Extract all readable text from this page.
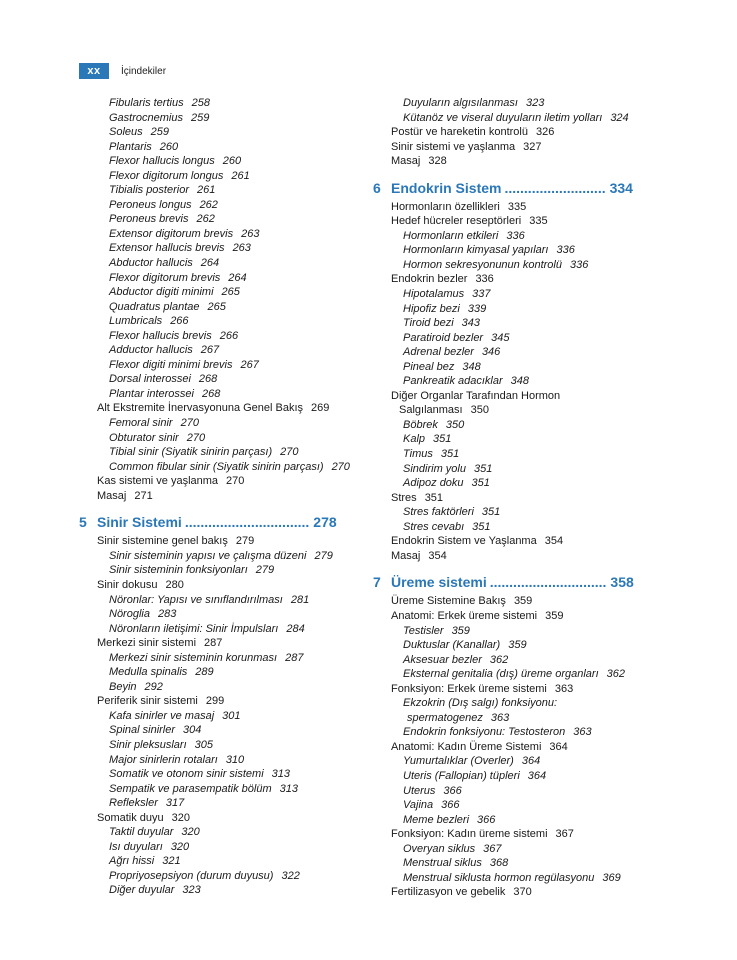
xx	İçindekiler
Fibularis tertius 258
Gastrocnemius 259
Soleus 259
Plantaris 260
Flexor hallucis longus 260
Flexor digitorum longus 261
Tibialis posterior 261
Peroneus longus 262
Peroneus brevis 262
Extensor digitorum brevis 263
Extensor hallucis brevis 263
Abductor hallucis 264
Flexor digitorum brevis 264
Abductor digiti minimi 265
Quadratus plantae 265
Lumbricals 266
Flexor hallucis brevis 266
Adductor hallucis 267
Flexor digiti minimi brevis 267
Dorsal interossei 268
Plantar interossei 268
Alt Ekstremite İnervasyonuna Genel Bakış 269
Femoral sinir 270
Obturator sinir 270
Tibial sinir (Siyatik sinirin parçası) 270
Common fibular sinir (Siyatik sinirin parçası) 270
Kas sistemi ve yaşlanma 270
Masaj 271
5 Sinir Sistemi ................................ 278
Sinir sistemine genel bakış 279
Sinir sisteminin yapısı ve çalışma düzeni 279
Sinir sisteminin fonksiyonları 279
Sinir dokusu 280
Nöronlar: Yapısı ve sınıflandırılması 281
Nöroglia 283
Nöronların iletişimi: Sinir İmpulsları 284
Merkezi sinir sistemi 287
Merkezi sinir sisteminin korunması 287
Medulla spinalis 289
Beyin 292
Periferik sinir sistemi 299
Kafa sinirler ve masaj 301
Spinal sinirler 304
Sinir pleksusları 305
Major sinirlerin rotaları 310
Somatik ve otonom sinir sistemi 313
Sempatik ve parasempatik bölüm 313
Refleksler 317
Somatik duyu 320
Taktil duyular 320
Isı duyuları 320
Ağrı hissi 321
Propriyosepsiyon (durum duyusu) 322
Diğer duyular 323
Duyuların algısılanması 323
Kütanöz ve viseral duyuların iletim yolları 324
Postür ve hareketin kontrolü 326
Sinir sistemi ve yaşlanma 327
Masaj 328
6 Endokrin Sistem .......................... 334
Hormonların özellikleri 335
Hedef hücreler reseptörleri 335
Hormonların etkileri 336
Hormonların kimyasal yapıları 336
Hormon sekresyonunun kontrolü 336
Endokrin bezler 336
Hipotalamus 337
Hipofiz bezi 339
Tiroid bezi 343
Paratiroid bezler 345
Adrenal bezler 346
Pineal bez 348
Pankreatik adacıklar 348
Diğer Organlar Tarafından Hormon
Salgılanması 350
Böbrek 350
Kalp 351
Timus 351
Sindirim yolu 351
Adipoz doku 351
Stres 351
Stres faktörleri 351
Stres cevabı 351
Endokrin Sistem ve Yaşlanma 354
Masaj 354
7 Üreme sistemi .............................. 358
Üreme Sistemine Bakış 359
Anatomi: Erkek üreme sistemi 359
Testisler 359
Duktuslar (Kanallar) 359
Aksesuar bezler 362
Eksternal genitalia (dış) üreme organları 362
Fonksiyon: Erkek üreme sistemi 363
Ekzokrin (Dış salgı) fonksiyonu:
spermatogenez 363
Endokrin fonksiyonu: Testosteron 363
Anatomi: Kadın Üreme Sistemi 364
Yumurtalıklar (Overler) 364
Uteris (Fallopian) tüpleri 364
Uterus 366
Vajina 366
Meme bezleri 366
Fonksiyon: Kadın üreme sistemi 367
Overyan siklus 367
Menstrual siklus 368
Menstrual siklusta hormon regülasyonu 369
Fertilizasyon ve gebelik 370
